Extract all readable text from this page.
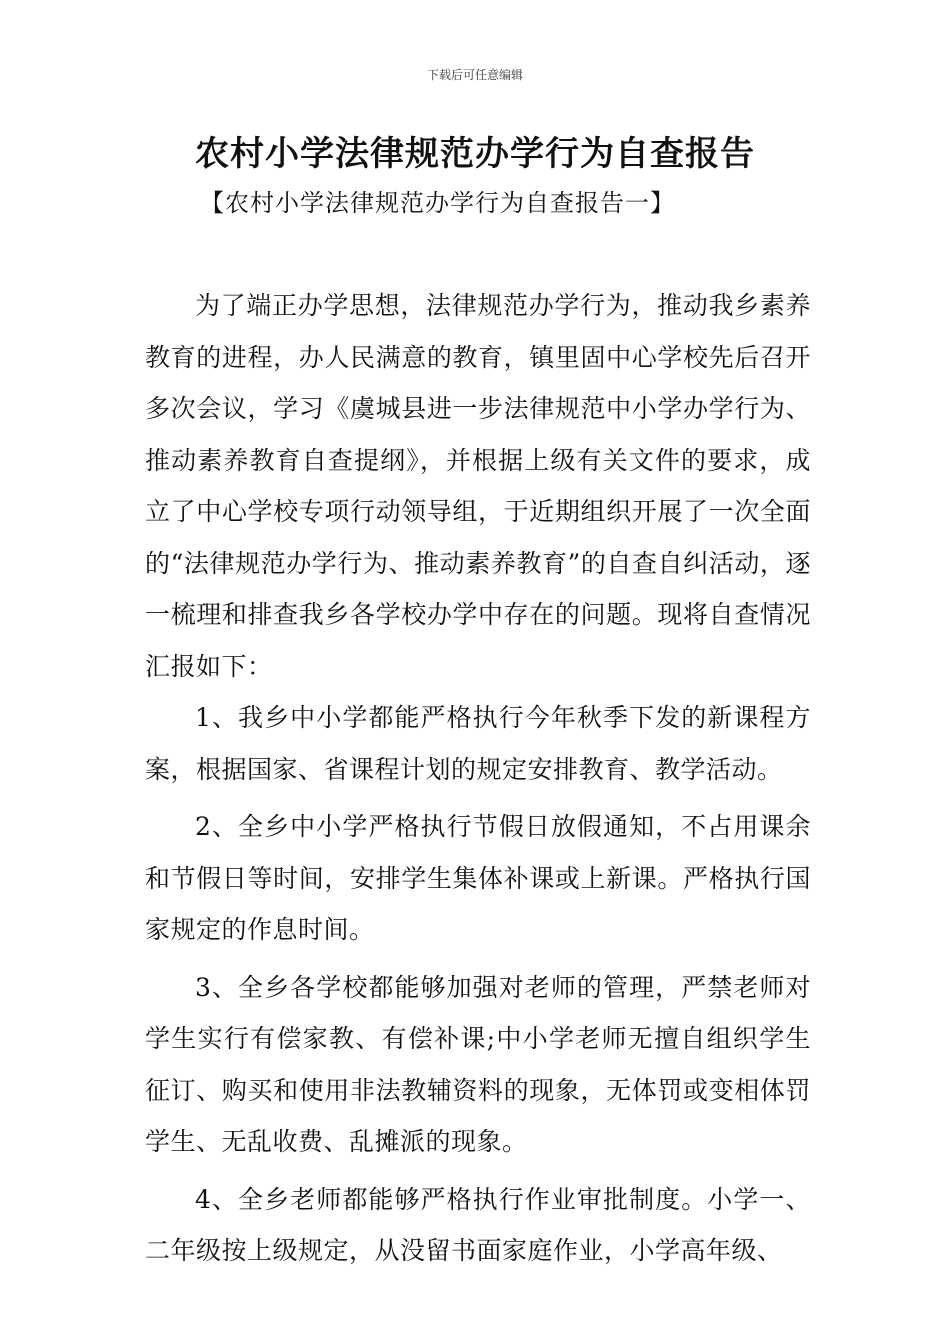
下载后可任意编辑
农村小学法律规范办学行为自查报告
【农村小学法律规范办学行为自查报告一】

为了端正办学思想，法律规范办学行为，推动我乡素养教育的进程，办人民满意的教育，镇里固中心学校先后召开多次会议，学习《虞城县进一步法律规范中小学办学行为、推动素养教育自查提纲》，并根据上级有关文件的要求，成立了中心学校专项行动领导组，于近期组织开展了一次全面的“法律规范办学行为、推动素养教育”的自查自纠活动，逐一梳理和排查我乡各学校办学中存在的问题。现将自查情况汇报如下：

1、我乡中小学都能严格执行今年秋季下发的新课程方案，根据国家、省课程计划的规定安排教育、教学活动。

2、全乡中小学严格执行节假日放假通知，不占用课余和节假日等时间，安排学生集体补课或上新课。严格执行国家规定的作息时间。

3、全乡各学校都能够加强对老师的管理，严禁老师对学生实行有偿家教、有偿补课;中小学老师无擅自组织学生征订、购买和使用非法教辅资料的现象，无体罚或变相体罚学生、无乱收费、乱摊派的现象。

4、全乡老师都能够严格执行作业审批制度。小学一、二年级按上级规定，从没留书面家庭作业，小学高年级、
